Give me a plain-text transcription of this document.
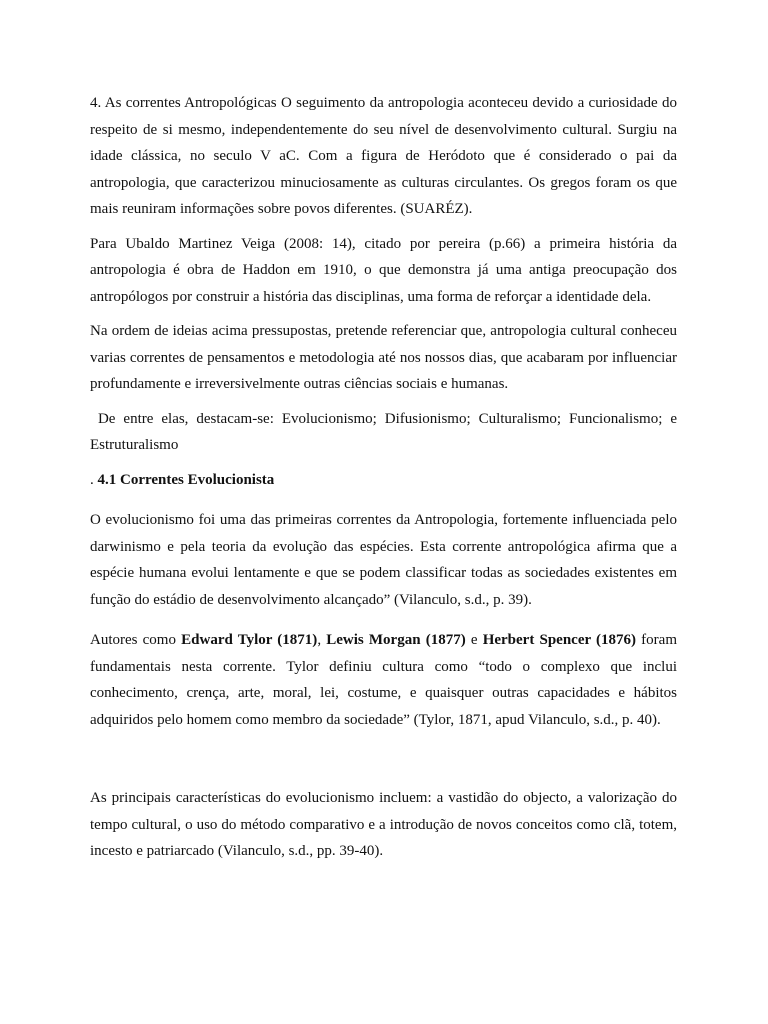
4. As correntes Antropológicas O seguimento da antropologia aconteceu devido a curiosidade do respeito de si mesmo, independentemente do seu nível de desenvolvimento cultural. Surgiu na idade clássica, no seculo V aC. Com a figura de Heródoto que é considerado o pai da antropologia, que caracterizou minuciosamente as culturas circulantes. Os gregos foram os que mais reuniram informações sobre povos diferentes. (SUARÉZ).

Para Ubaldo Martinez Veiga (2008: 14), citado por pereira (p.66) a primeira história da antropologia é obra de Haddon em 1910, o que demonstra já uma antiga preocupação dos antropólogos por construir a história das disciplinas, uma forma de reforçar a identidade dela.

Na ordem de ideias acima pressupostas, pretende referenciar que, antropologia cultural conheceu varias correntes de pensamentos e metodologia até nos nossos dias, que acabaram por influenciar profundamente e irreversivelmente outras ciências sociais e humanas.

De entre elas, destacam-se: Evolucionismo; Difusionismo; Culturalismo; Funcionalismo; e Estruturalismo

. 4.1 Correntes Evolucionista

O evolucionismo foi uma das primeiras correntes da Antropologia, fortemente influenciada pelo darwinismo e pela teoria da evolução das espécies. Esta corrente antropológica afirma que a espécie humana evolui lentamente e que se podem classificar todas as sociedades existentes em função do estádio de desenvolvimento alcançado” (Vilanculo, s.d., p. 39).

Autores como Edward Tylor (1871), Lewis Morgan (1877) e Herbert Spencer (1876) foram fundamentais nesta corrente. Tylor definiu cultura como “todo o complexo que inclui conhecimento, crença, arte, moral, lei, costume, e quaisquer outras capacidades e hábitos adquiridos pelo homem como membro da sociedade” (Tylor, 1871, apud Vilanculo, s.d., p. 40).

As principais características do evolucionismo incluem: a vastidão do objecto, a valorização do tempo cultural, o uso do método comparativo e a introdução de novos conceitos como clã, totem, incesto e patriarcado (Vilanculo, s.d., pp. 39-40).
